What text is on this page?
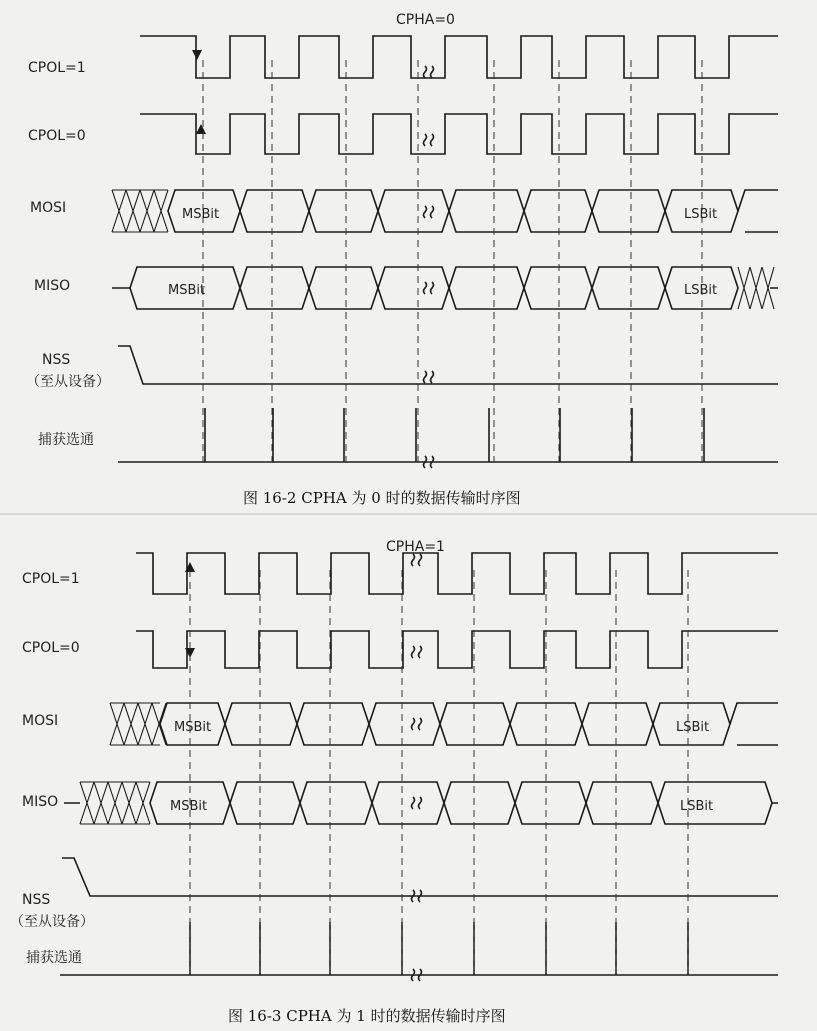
CPHA=0
CPOL=1
CPOL=0
MOSI
MISO
NSS
（至从设备）
捕获选通
MSBit	LSBit
MSBit	LSBit
图 16-2 CPHA 为 0 时的数据传输时序图
CPHA=1
CPOL=1
CPOL=0
MOSI
MISO
NSS
（至从设备）
捕获选通
MSBit	LSBit
MSBit	LSBit
图 16-3 CPHA 为 1 时的数据传输时序图
